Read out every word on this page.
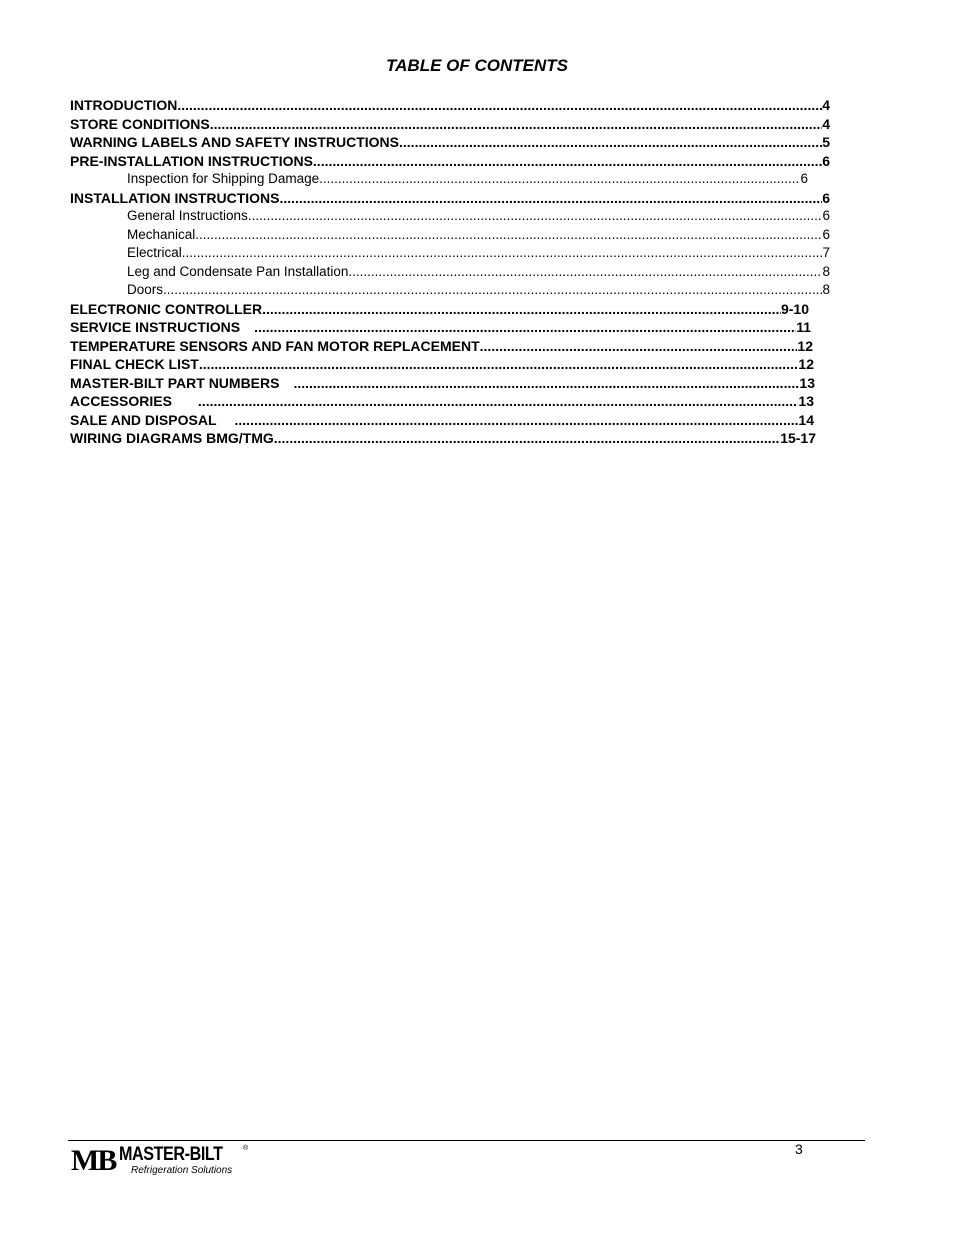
TABLE OF CONTENTS
INTRODUCTION .....	4
STORE CONDITIONS .....	4
WARNING LABELS AND SAFETY INSTRUCTIONS .....	5
PRE-INSTALLATION INSTRUCTIONS .....	6
Inspection for Shipping Damage .....	6
INSTALLATION INSTRUCTIONS .....	6
General Instructions .....	6
Mechanical .....	6
Electrical .....	7
Leg and Condensate Pan Installation .....	8
Doors .....	8
ELECTRONIC CONTROLLER .....	9-10
SERVICE INSTRUCTIONS .....	11
TEMPERATURE SENSORS AND FAN MOTOR REPLACEMENT .....	12
FINAL CHECK LIST .....	12
MASTER-BILT PART NUMBERS .....	13
ACCESSORIES .....	13
SALE AND DISPOSAL .....	14
WIRING DIAGRAMS BMG/TMG .....	15-17
3
MB MASTER-BILT	®
Refrigeration Solutions
